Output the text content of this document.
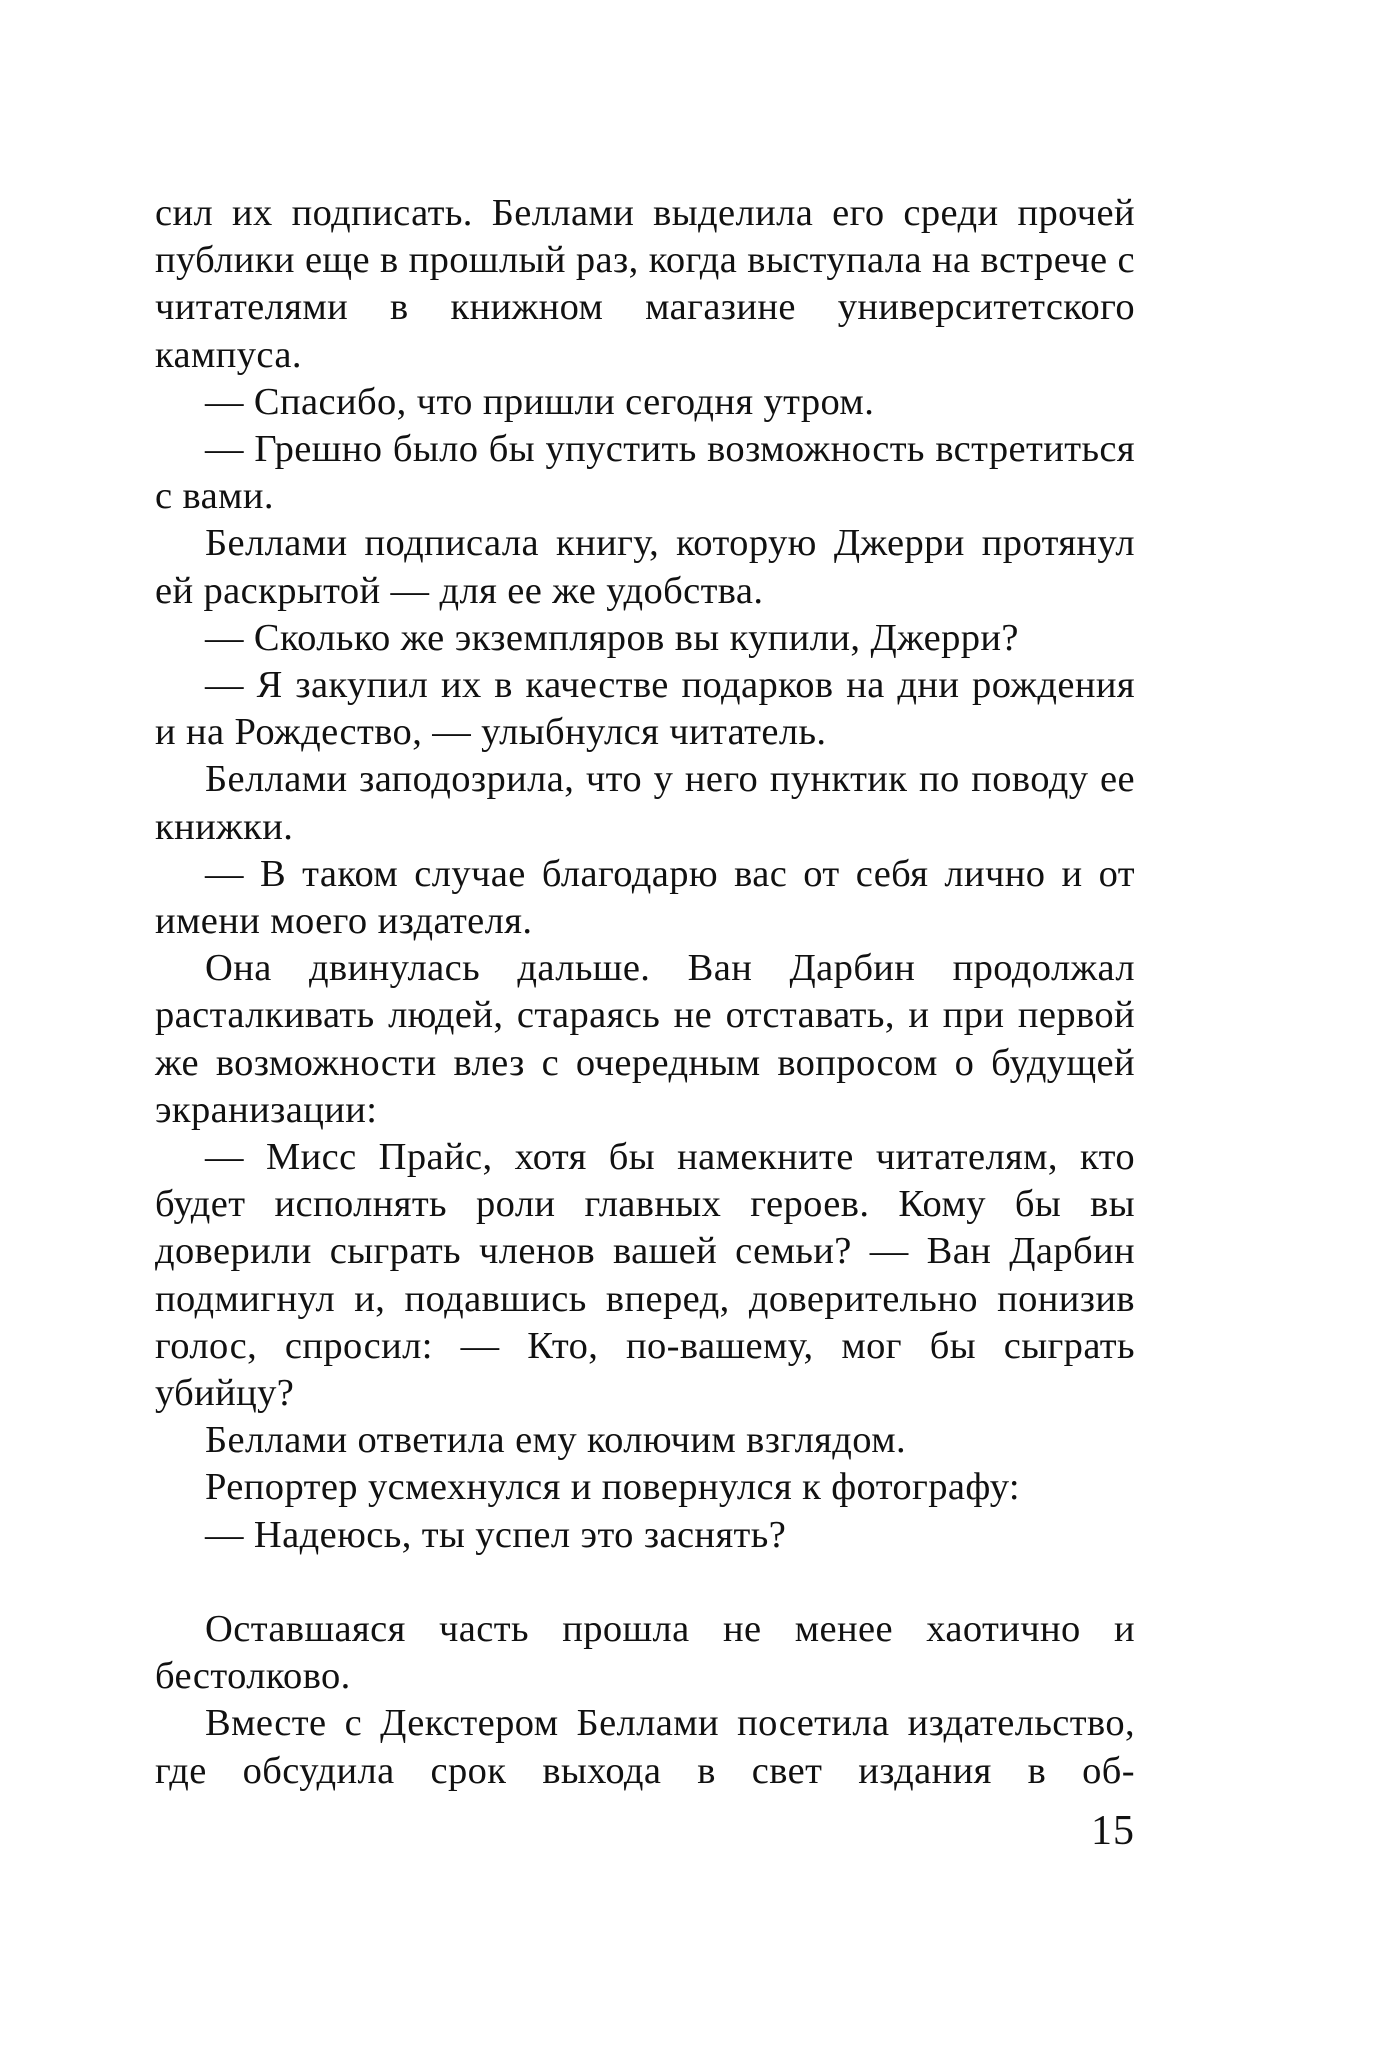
сил их подписать. Беллами выделила его среди прочей публики еще в прошлый раз, когда выступала на встрече с читателями в книжном магазине университетского кампуса.

— Спасибо, что пришли сегодня утром.

— Грешно было бы упустить возможность встретиться с вами.

Беллами подписала книгу, которую Джерри протянул ей раскрытой — для ее же удобства.

— Сколько же экземпляров вы купили, Джерри?

— Я закупил их в качестве подарков на дни рождения и на Рождество, — улыбнулся читатель.

Беллами заподозрила, что у него пунктик по поводу ее книжки.

— В таком случае благодарю вас от себя лично и от имени моего издателя.

Она двинулась дальше. Ван Дарбин продолжал расталкивать людей, стараясь не отставать, и при первой же возможности влез с очередным вопросом о будущей экранизации:

— Мисс Прайс, хотя бы намекните читателям, кто будет исполнять роли главных героев. Кому бы вы доверили сыграть членов вашей семьи? — Ван Дарбин подмигнул и, подавшись вперед, доверительно понизив голос, спросил: — Кто, по-вашему, мог бы сыграть убийцу?

Беллами ответила ему колючим взглядом.

Репортер усмехнулся и повернулся к фотографу:

— Надеюсь, ты успел это заснять?

Оставшаяся часть прошла не менее хаотично и бестолково.

Вместе с Декстером Беллами посетила издательство, где обсудила срок выхода в свет издания в об-

15
